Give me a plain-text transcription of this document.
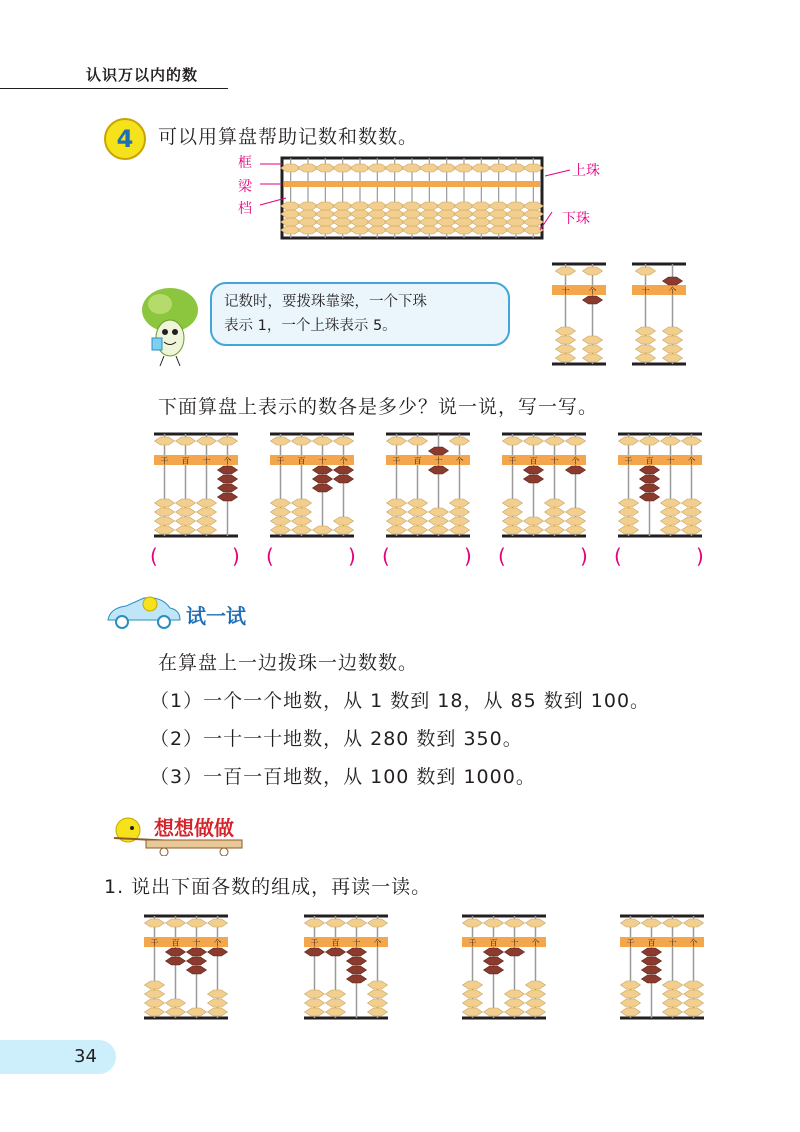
认识万以内的数
4	可以用算盘帮助记数和数数。
框
梁
档
上珠
下珠
记数时，要拨珠靠梁，一个下珠
表示 1，一个上珠表示 5。
十 个	十 个
下面算盘上表示的数各是多少？说一说，写一写。
千 百 十 个	千 百 十 个	千 百 十 个	千 百 十 个	千 百 十 个
(	) (	) (	) (	) (	)
试一试
在算盘上一边拨珠一边数数。
（1）一个一个地数，从 1 数到 18，从 85 数到 100。
（2）一十一十地数，从 280 数到 350。
（3）一百一百地数，从 100 数到 1000。
想想做做
1. 说出下面各数的组成，再读一读。
千 百 十 个	千 百 十 个	千 百 十 个	千 百 十 个
34
